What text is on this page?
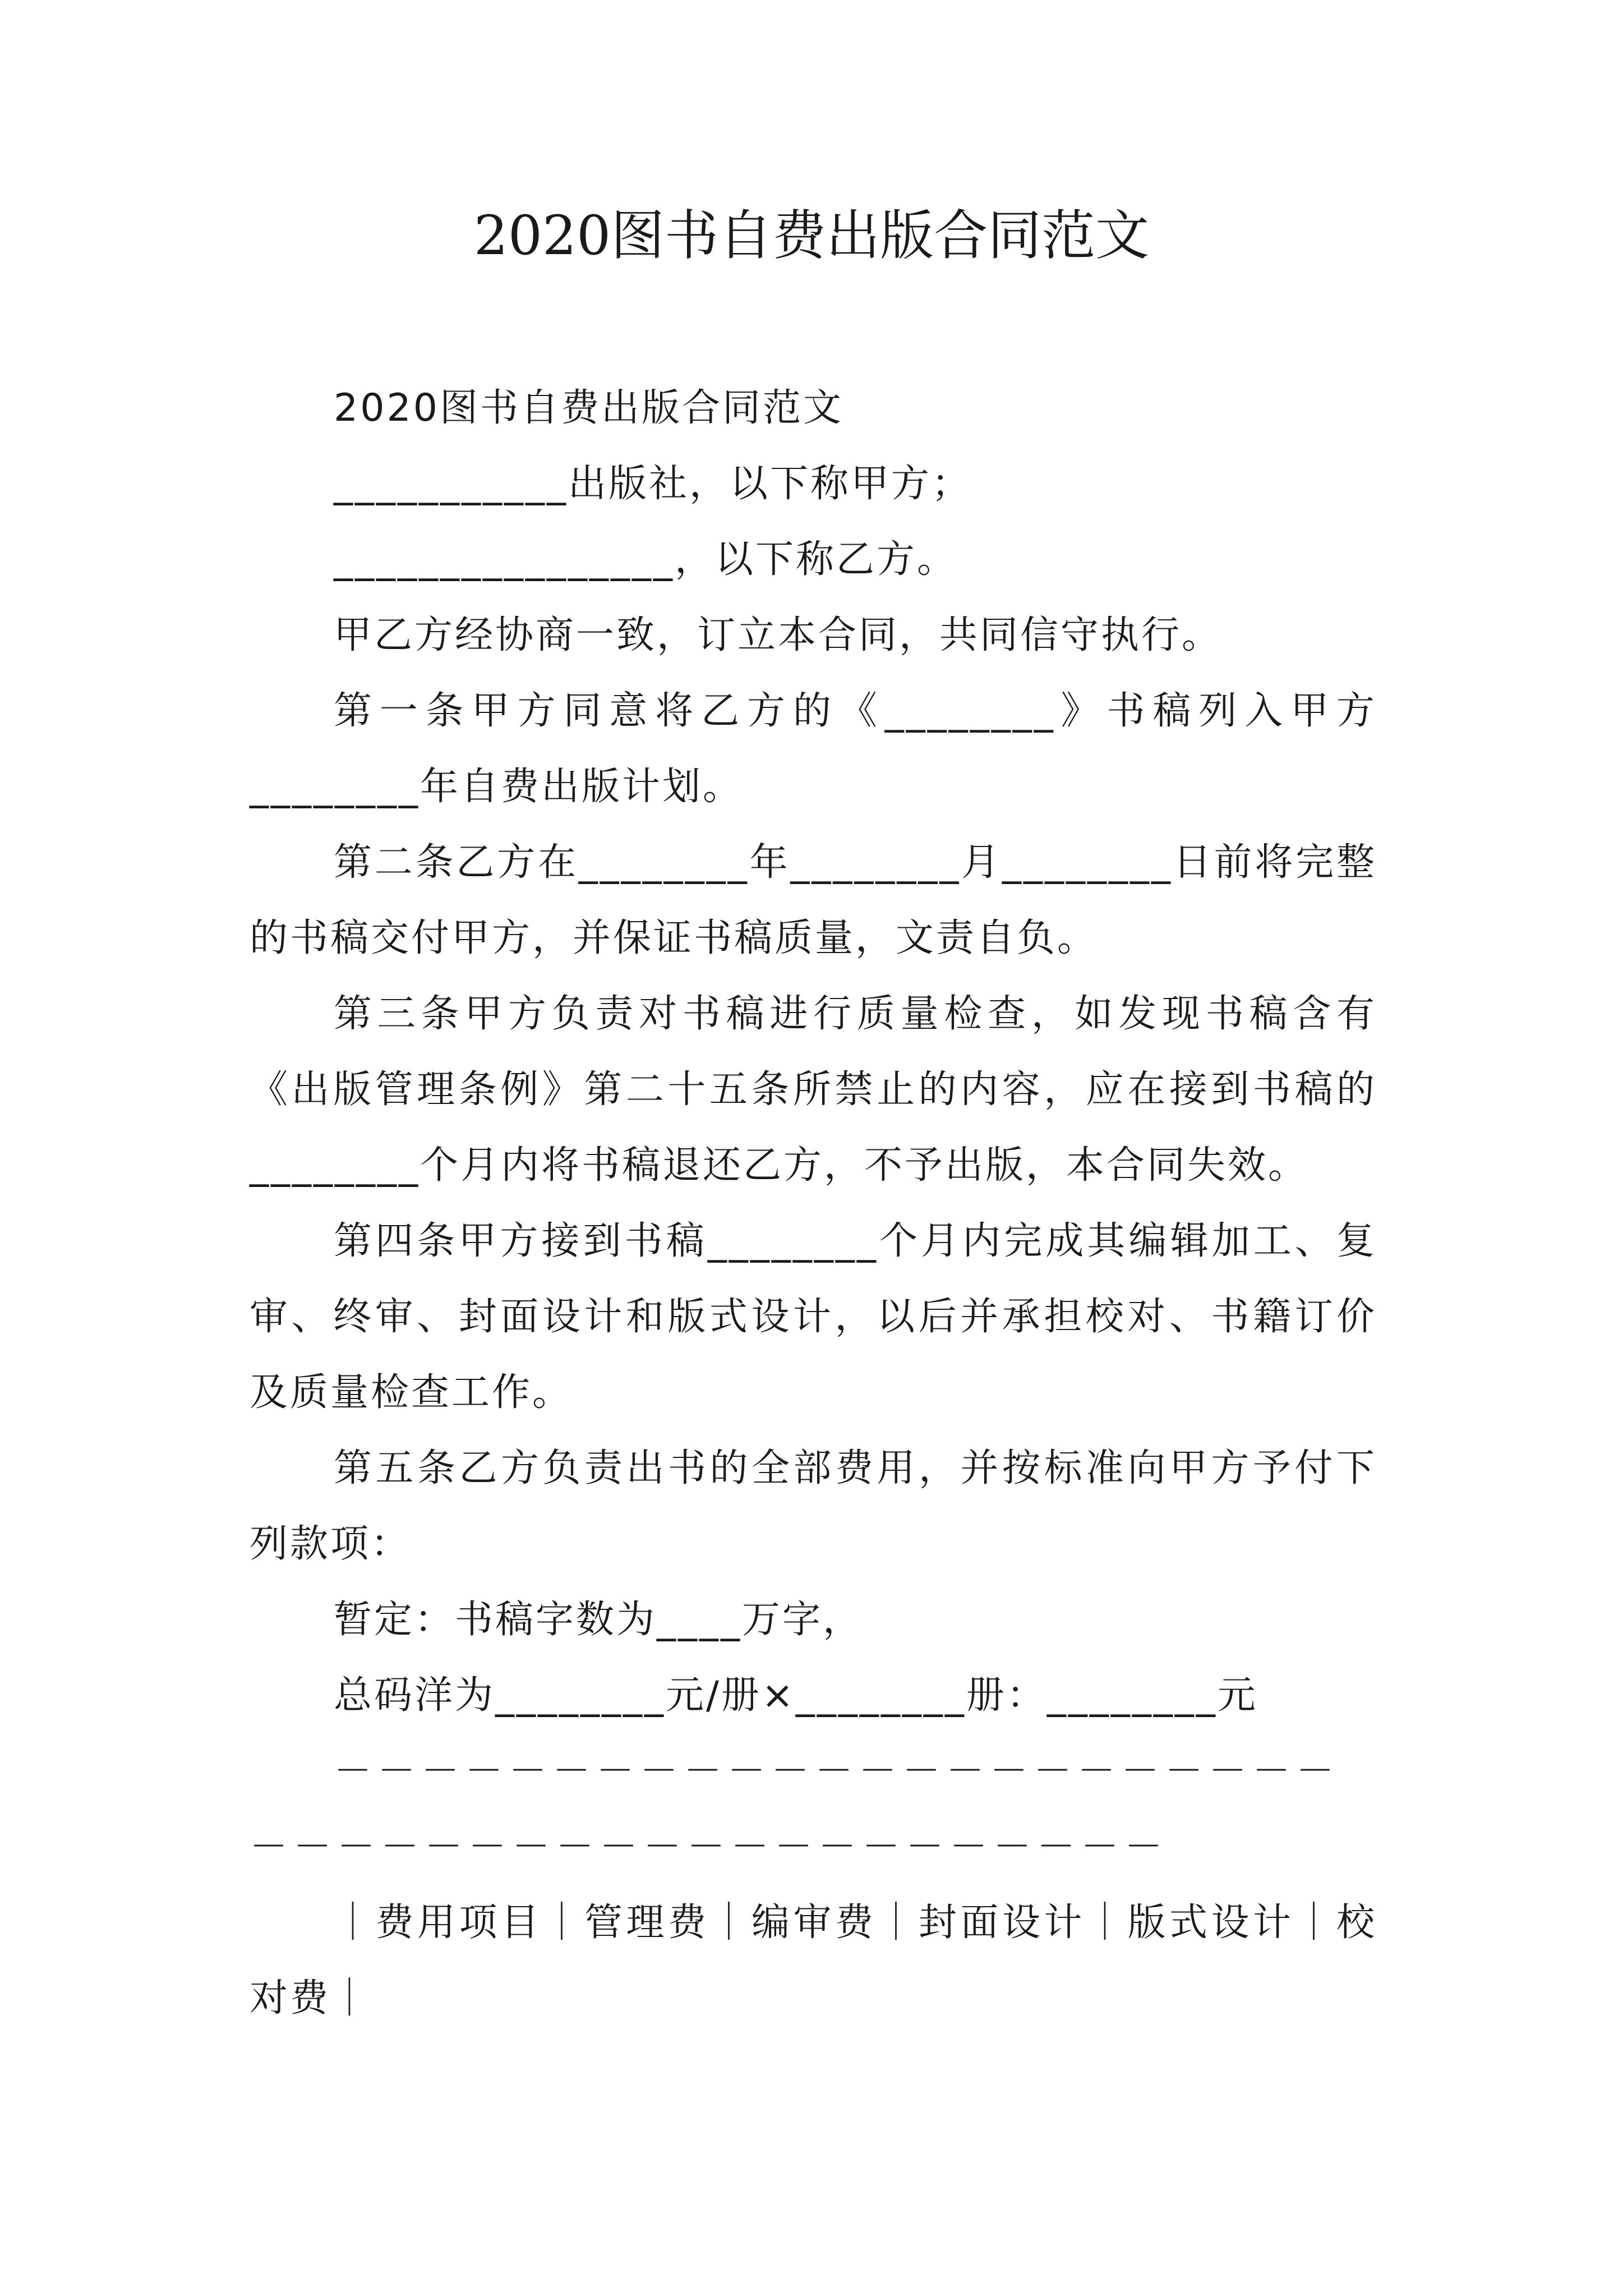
2020图书自费出版合同范文

2020图书自费出版合同范文

___________出版社，以下称甲方；

________________，以下称乙方。

甲乙方经协商一致，订立本合同，共同信守执行。

第一条甲方同意将乙方的《________》书稿列入甲方________年自费出版计划。

第二条乙方在________年________月________日前将完整的书稿交付甲方，并保证书稿质量，文责自负。

第三条甲方负责对书稿进行质量检查，如发现书稿含有《出版管理条例》第二十五条所禁止的内容，应在接到书稿的________个月内将书稿退还乙方，不予出版，本合同失效。

第四条甲方接到书稿________个月内完成其编辑加工、复审、终审、封面设计和版式设计，以后并承担校对、书籍订价及质量检查工作。

第五条乙方负责出书的全部费用，并按标准向甲方予付下列款项：

暂定：书稿字数为____万字，

总码洋为________元/册×________册：________元

－－－－－－－－－－－－－－－－－－－－－－－－－－－－－－－－－－－－－－－－－－－－

｜费用项目｜管理费｜编审费｜封面设计｜版式设计｜校对费｜
